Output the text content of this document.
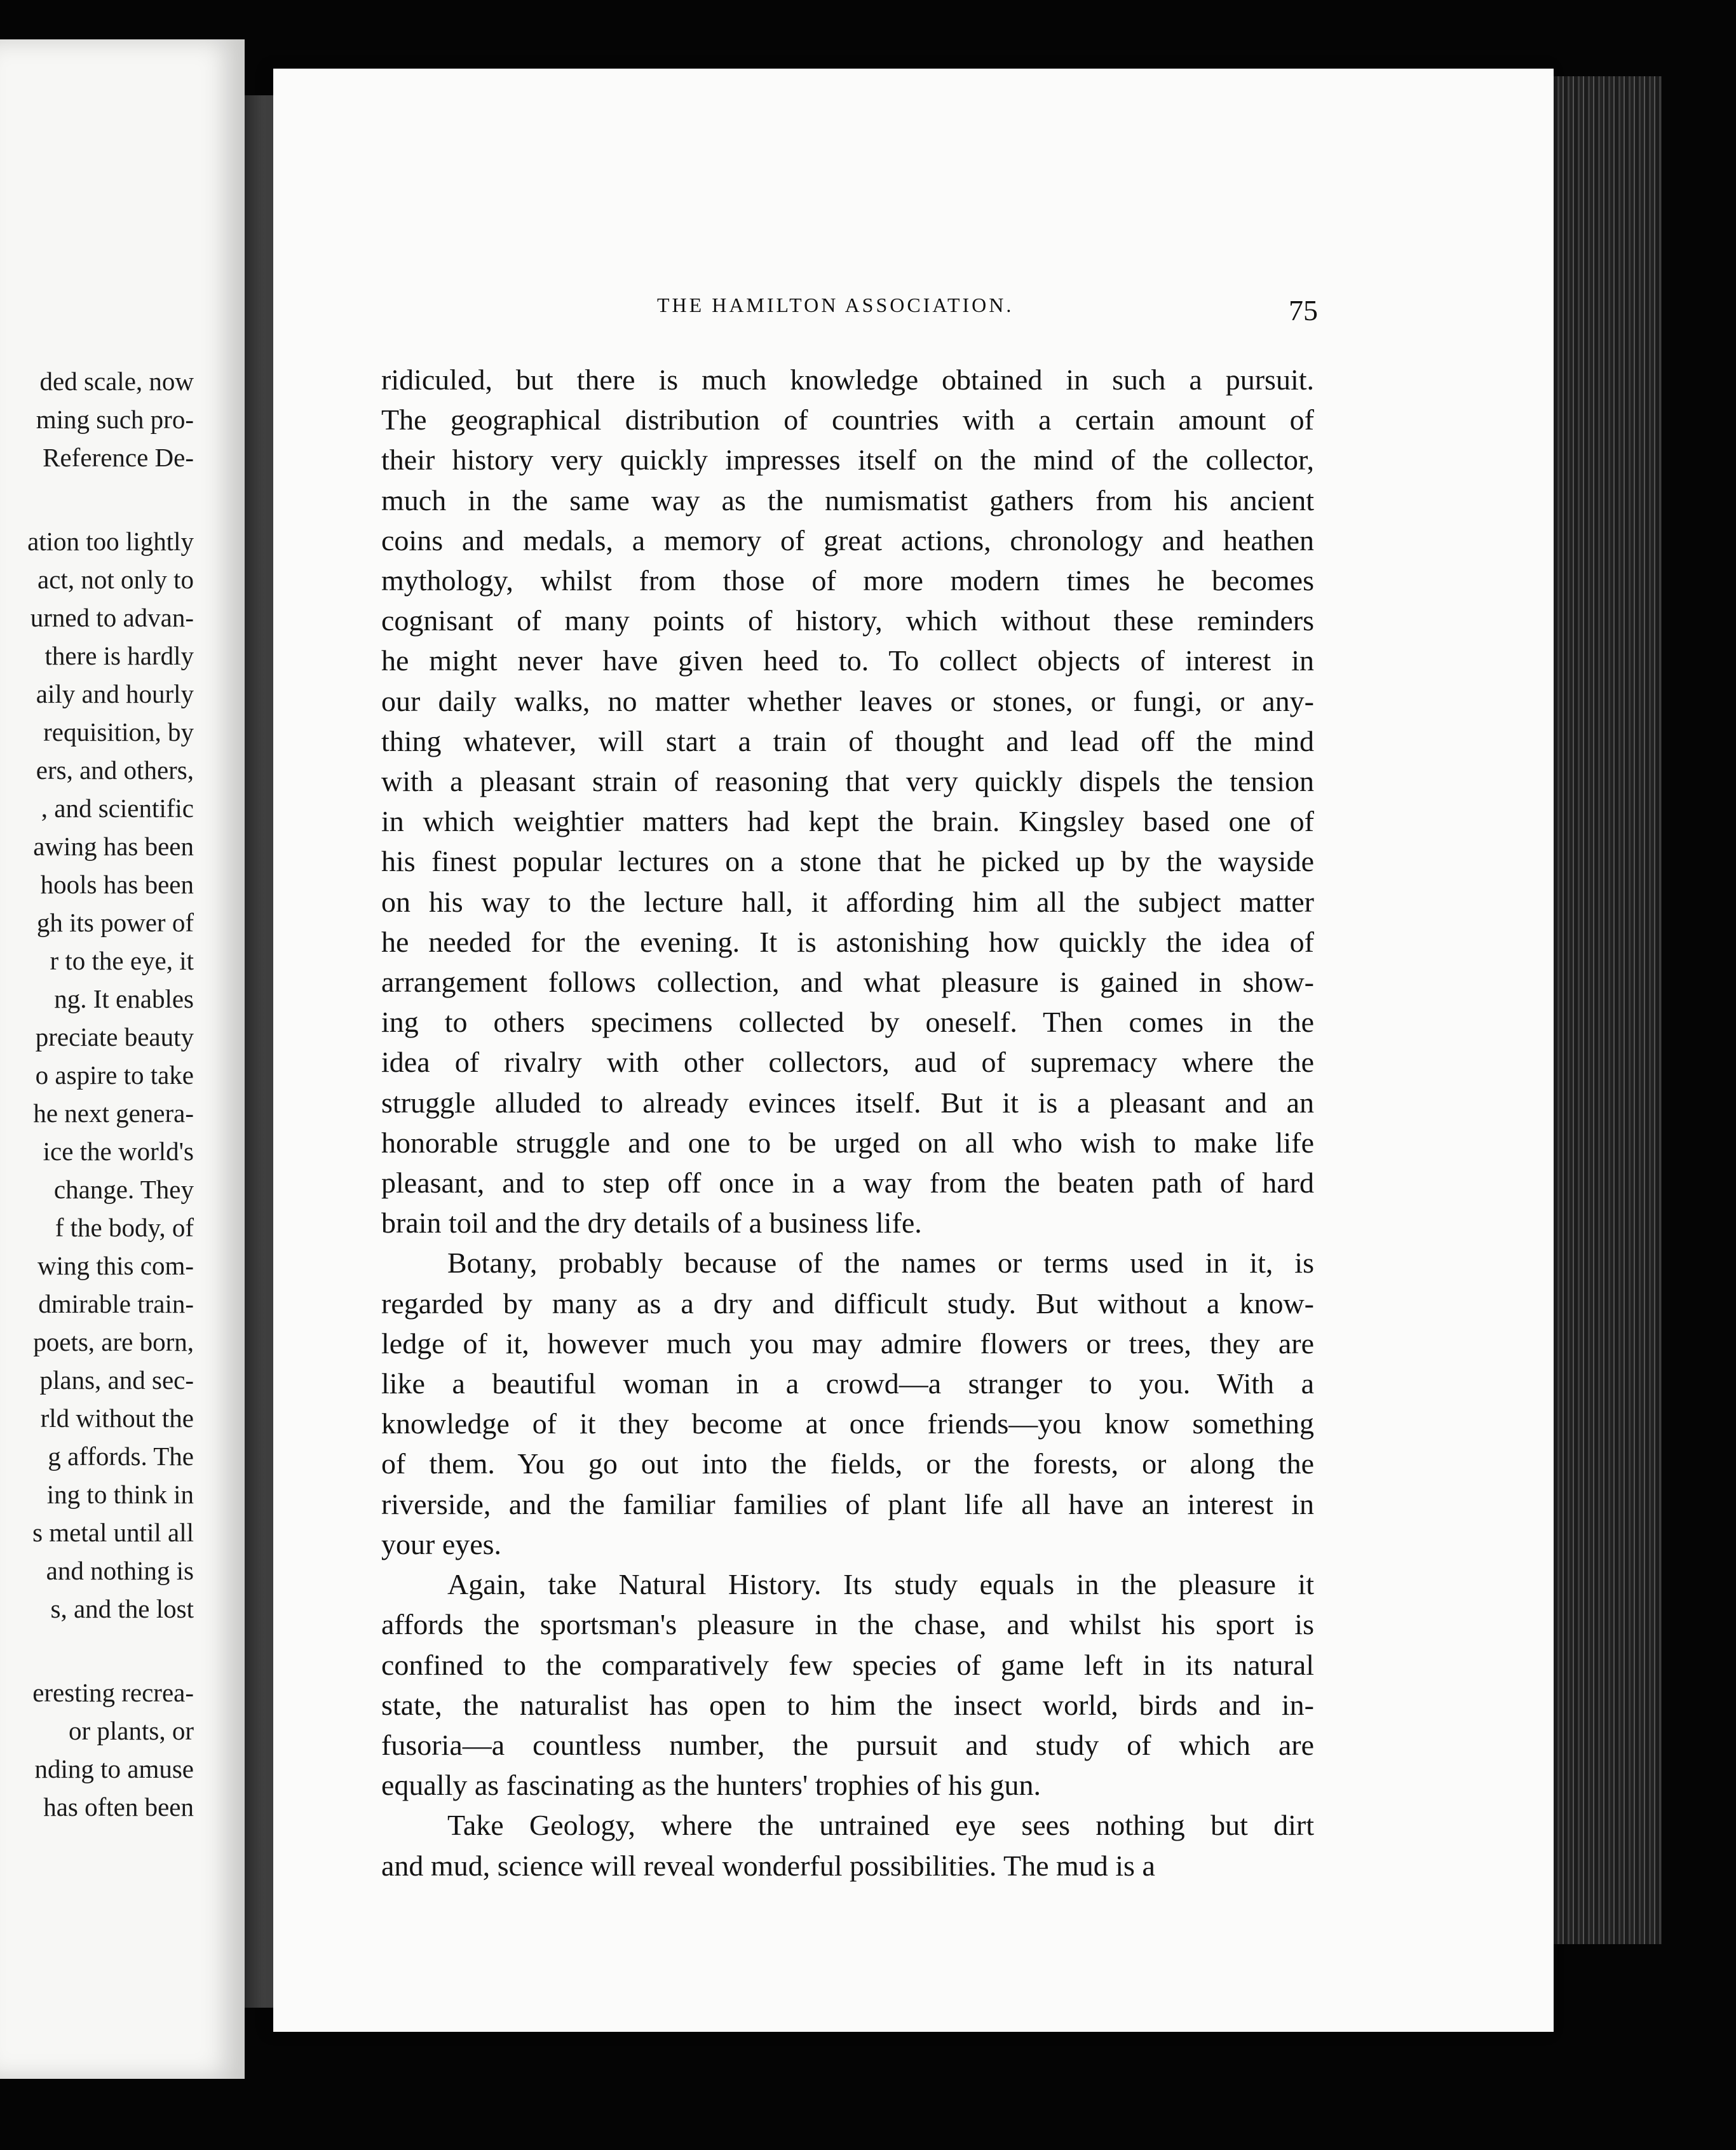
ded scale, now
ming such pro-
Reference De-
ation too lightly
act, not only to
urned to advan-
there is hardly
aily and hourly
requisition, by
ers, and others,
, and scientific
awing has been
hools has been
gh its power of
r to the eye, it
ng. It enables
preciate beauty
o aspire to take
he next genera-
ice the world's
change. They
f the body, of
wing this com-
dmirable train-
poets, are born,
plans, and sec-
rld without the
g affords. The
ing to think in
s metal until all
and nothing is
s, and the lost
eresting recrea-
or plants, or
nding to amuse
has often been
THE HAMILTON ASSOCIATION.	75

ridiculed, but there is much knowledge obtained in such a pursuit.
The geographical distribution of countries with a certain amount of
their history very quickly impresses itself on the mind of the collector,
much in the same way as the numismatist gathers from his ancient
coins and medals, a memory of great actions, chronology and heathen
mythology, whilst from those of more modern times he becomes
cognisant of many points of history, which without these reminders
he might never have given heed to. To collect objects of interest in
our daily walks, no matter whether leaves or stones, or fungi, or any-
thing whatever, will start a train of thought and lead off the mind
with a pleasant strain of reasoning that very quickly dispels the tension
in which weightier matters had kept the brain. Kingsley based one of
his finest popular lectures on a stone that he picked up by the wayside
on his way to the lecture hall, it affording him all the subject matter
he needed for the evening. It is astonishing how quickly the idea of
arrangement follows collection, and what pleasure is gained in show-
ing to others specimens collected by oneself. Then comes in the
idea of rivalry with other collectors, aud of supremacy where the
struggle alluded to already evinces itself. But it is a pleasant and an
honorable struggle and one to be urged on all who wish to make life
pleasant, and to step off once in a way from the beaten path of hard
brain toil and the dry details of a business life.

Botany, probably because of the names or terms used in it, is
regarded by many as a dry and difficult study. But without a know-
ledge of it, however much you may admire flowers or trees, they are
like a beautiful woman in a crowd—a stranger to you. With a
knowledge of it they become at once friends—you know something
of them. You go out into the fields, or the forests, or along the
riverside, and the familiar families of plant life all have an interest in
your eyes.

Again, take Natural History. Its study equals in the pleasure it
affords the sportsman's pleasure in the chase, and whilst his sport is
confined to the comparatively few species of game left in its natural
state, the naturalist has open to him the insect world, birds and in-
fusoria—a countless number, the pursuit and study of which are
equally as fascinating as the hunters' trophies of his gun.

Take Geology, where the untrained eye sees nothing but dirt
and mud, science will reveal wonderful possibilities. The mud is a
